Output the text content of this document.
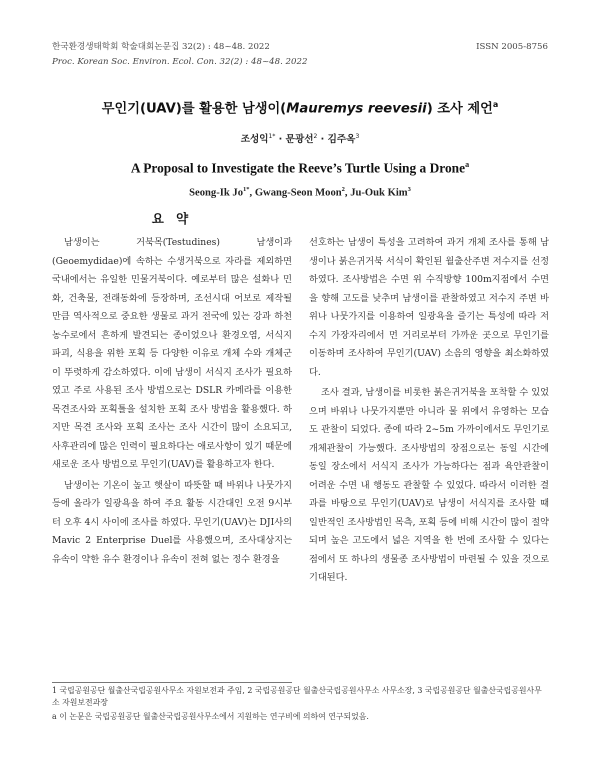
한국환경생태학회 학술대회논문집 32(2) : 48~48. 2022
Proc. Korean Soc. Environ. Ecol. Con. 32(2) : 48~48. 2022
ISSN 2005-8756
무인기(UAV)를 활용한 남생이(Mauremys reevesii) 조사 제언$^a$
조성익$^{1*}$ · 문광선$^2$ · 김주옥$^3$
A Proposal to Investigate the Reeve’s Turtle Using a Drone$^a$
Seong-Ik $Jo^{1*}$, Gwang-Seon Moon$^2$, Ju-Ouk Kim$^3$
요 약

남생이는 거북목(Testudines) 남생이과(Geoemydidae)에 속하는 수생거북으로 자라를 제외하면 국내에서는 유일한 민물거북이다. 예로부터 많은 설화나 민화, 건축물, 전래동화에 등장하며, 조선시대 어보로 제작될 만큼 역사적으로 중요한 생물로 과거 전국에 있는 강과 하천 농수로에서 흔하게 발견되는 종이었으나 환경오염, 서식지 파괴, 식용을 위한 포획 등 다양한 이유로 개체 수와 개체군이 뚜렷하게 감소하였다. 이에 남생이 서식지 조사가 필요하였고 주로 사용된 조사 방법으로는 DSLR 카메라를 이용한 목견조사와 포획틀을 설치한 포획 조사 방법을 활용했다. 하지만 목견 조사와 포획 조사는 조사 시간이 많이 소요되고, 사후관리에 많은 인력이 필요하다는 애로사항이 있기 때문에 새로운 조사 방법으로 무인기(UAV)를 활용하고자 한다.

남생이는 기온이 높고 햇살이 따뜻할 때 바위나 나뭇가지 등에 올라가 일광욕을 하여 주요 활동 시간대인 오전 9시부터 오후 4시 사이에 조사를 하였다. 무인기(UAV)는 DJI사의 Mavic 2 Enterprise Duel를 사용했으며, 조사대상지는 유속이 약한 유수 환경이나 유속이 전혀 없는 정수 환경을

선호하는 남생이 특성을 고려하여 과거 개체 조사를 통해 남생이나 붉은귀거북 서식이 확인된 월출산주변 저수지를 선정하였다. 조사방법은 수면 위 수직방향 100m지점에서 수면을 향해 고도를 낮추며 남생이를 관찰하였고 저수지 주변 바위나 나뭇가지를 이용하여 일광욕을 즐기는 특성에 따라 저수지 가장자리에서 먼 거리로부터 가까운 곳으로 무인기를 이동하며 조사하여 무인기(UAV) 소음의 영향을 최소화하였다.

조사 결과, 남생이를 비롯한 붉은귀거북을 포착할 수 있었으며 바위나 나뭇가지뿐만 아니라 물 위에서 유영하는 모습도 관찰이 되었다. 종에 따라 2~5m 가까이에서도 무인기로 개체관찰이 가능했다. 조사방법의 장점으로는 동일 시간에 동일 장소에서 서식지 조사가 가능하다는 점과 육안관찰이 어려운 수면 내 행동도 관찰할 수 있었다. 따라서 이러한 결과를 바탕으로 무인기(UAV)로 남생이 서식지를 조사할 때 일반적인 조사방법인 목측, 포획 등에 비해 시간이 많이 절약되며 높은 고도에서 넓은 지역을 한 번에 조사할 수 있다는 점에서 또 하나의 생물종 조사방법이 마련될 수 있을 것으로 기대된다.

1 국립공원공단 월출산국립공원사무소 자원보전과 주임, 2 국립공원공단 월출산국립공원사무소 사무소장, 3 국립공원공단 월출산국립공원사무소 자원보전과장
a 이 논문은 국립공원공단 월출산국립공원사무소에서 지원하는 연구비에 의하여 연구되었음.
